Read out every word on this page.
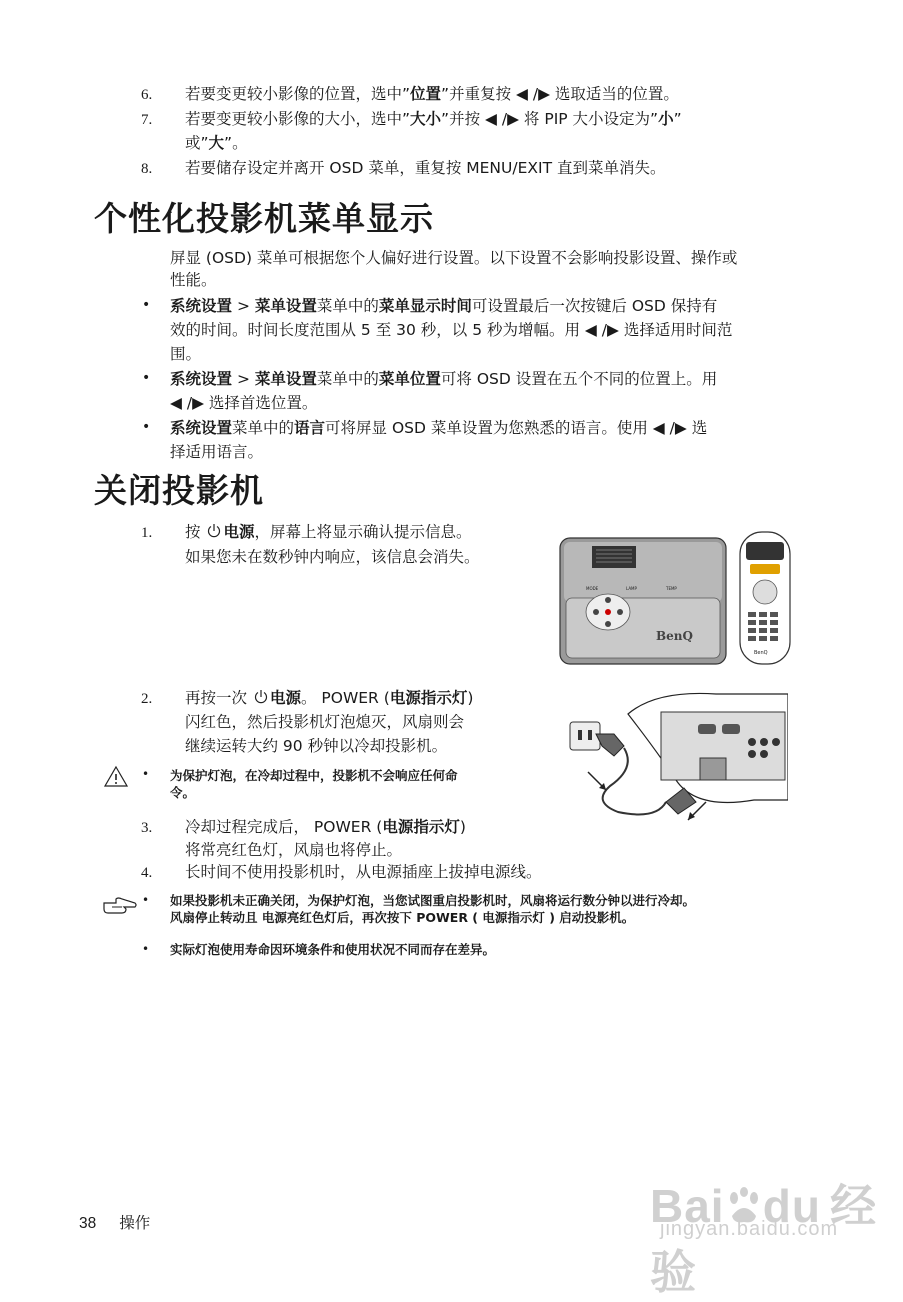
6. 若要变更较小影像的位置，选中”位置”并重复按 ◀ /▶ 选取适当的位置。
7. 若要变更较小影像的大小，选中”大小”并按 ◀ /▶ 将 PIP 大小设定为”小”
或”大”。
8. 若要储存设定并离开 OSD 菜单，重复按 MENU/EXIT 直到菜单消失。
个性化投影机菜单显示
屏显 (OSD) 菜单可根据您个人偏好进行设置。以下设置不会影响投影设置、操作或
性能。
• 系统设置 > 菜单设置菜单中的菜单显示时间可设置最后一次按键后 OSD 保持有
效的时间。时间长度范围从 5 至 30 秒，以 5 秒为增幅。用 ◀ /▶ 选择适用时间范
围。
• 系统设置 > 菜单设置菜单中的菜单位置可将 OSD 设置在五个不同的位置上。用
◀ /▶ 选择首选位置。
• 系统设置菜单中的语言可将屏显 OSD 菜单设置为您熟悉的语言。使用 ◀ /▶ 选
择适用语言。
关闭投影机
1. 按 电源，屏幕上将显示确认提示信息。
如果您未在数秒钟内响应，该信息会消失。
BenQ
MODE	LAMP	TEMP
BenQ
2. 再按一次 电源。 POWER (电源指示灯)
闪红色，然后投影机灯泡熄灭，风扇则会
继续运转大约 90 秒钟以冷却投影机。
• 为保护灯泡，在冷却过程中，投影机不会响应任何命
令。
3. 冷却过程完成后， POWER (电源指示灯)
将常亮红色灯，风扇也将停止。
4. 长时间不使用投影机时，从电源插座上拔掉电源线。
• 如果投影机未正确关闭，为保护灯泡，当您试图重启投影机时，风扇将运行数分钟以进行冷却。
风扇停止转动且 电源亮红色灯后，再次按下 POWER ( 电源指示灯 ) 启动投影机。
• 实际灯泡使用寿命因环境条件和使用状况不同而存在差异。
Bai du 经验
jingyan.baidu.com
38 操作
